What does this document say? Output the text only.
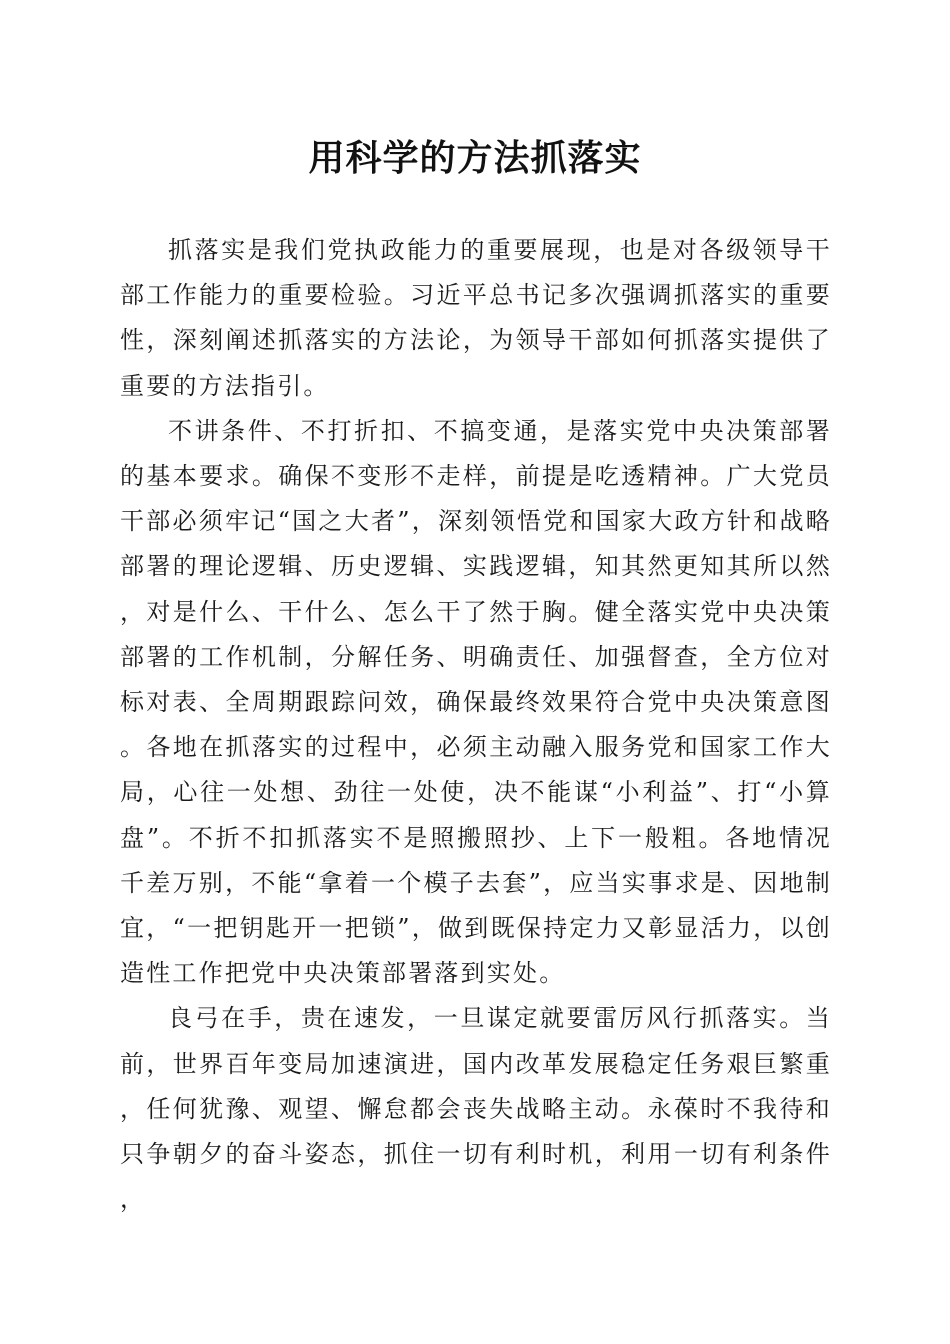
用科学的方法抓落实

抓落实是我们党执政能力的重要展现，也是对各级领导干部工作能力的重要检验。习近平总书记多次强调抓落实的重要性，深刻阐述抓落实的方法论，为领导干部如何抓落实提供了重要的方法指引。

不讲条件、不打折扣、不搞变通，是落实党中央决策部署的基本要求。确保不变形不走样，前提是吃透精神。广大党员干部必须牢记“国之大者”，深刻领悟党和国家大政方针和战略部署的理论逻辑、历史逻辑、实践逻辑，知其然更知其所以然，对是什么、干什么、怎么干了然于胸。健全落实党中央决策部署的工作机制，分解任务、明确责任、加强督查，全方位对标对表、全周期跟踪问效，确保最终效果符合党中央决策意图。各地在抓落实的过程中，必须主动融入服务党和国家工作大局，心往一处想、劲往一处使，决不能谋“小利益”、打“小算盘”。不折不扣抓落实不是照搬照抄、上下一般粗。各地情况千差万别，不能“拿着一个模子去套”，应当实事求是、因地制宜，“一把钥匙开一把锁”，做到既保持定力又彰显活力，以创造性工作把党中央决策部署落到实处。

良弓在手，贵在速发，一旦谋定就要雷厉风行抓落实。当前，世界百年变局加速演进，国内改革发展稳定任务艰巨繁重，任何犹豫、观望、懈怠都会丧失战略主动。永葆时不我待和只争朝夕的奋斗姿态，抓住一切有利时机，利用一切有利条件，
